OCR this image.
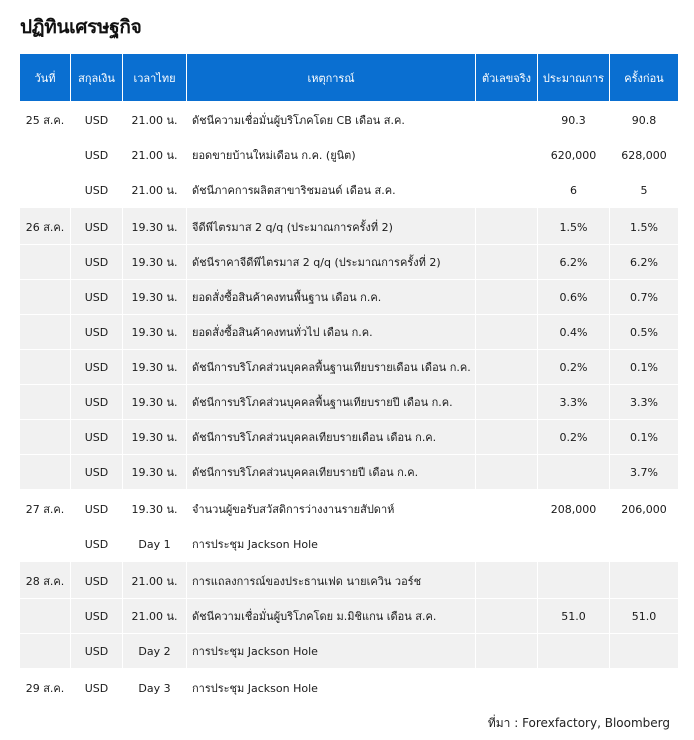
ปฏิทินเศรษฐกิจ
วันที่	สกุลเงิน	เวลาไทย	เหตุการณ์	ตัวเลขจริง	ประมาณการ	ครั้งก่อน
25 ส.ค.	USD	21.00 น.	ดัชนีความเชื่อมั่นผู้บริโภคโดย CB เดือน ส.ค.		90.3	90.8
	USD	21.00 น.	ยอดขายบ้านใหม่เดือน ก.ค. (ยูนิต)		620,000	628,000
	USD	21.00 น.	ดัชนีภาคการผลิตสาขาริชมอนด์ เดือน ส.ค.		6	5
26 ส.ค.	USD	19.30 น.	จีดีพีไตรมาส 2 q/q (ประมาณการครั้งที่ 2)		1.5%	1.5%
	USD	19.30 น.	ดัชนีราคาจีดีพีไตรมาส 2 q/q (ประมาณการครั้งที่ 2)		6.2%	6.2%
	USD	19.30 น.	ยอดสั่งซื้อสินค้าคงทนพื้นฐาน เดือน ก.ค.		0.6%	0.7%
	USD	19.30 น.	ยอดสั่งซื้อสินค้าคงทนทั่วไป เดือน ก.ค.		0.4%	0.5%
	USD	19.30 น.	ดัชนีการบริโภคส่วนบุคคลพื้นฐานเทียบรายเดือน เดือน ก.ค.		0.2%	0.1%
	USD	19.30 น.	ดัชนีการบริโภคส่วนบุคคลพื้นฐานเทียบรายปี เดือน ก.ค.		3.3%	3.3%
	USD	19.30 น.	ดัชนีการบริโภคส่วนบุคคลเทียบรายเดือน เดือน ก.ค.		0.2%	0.1%
	USD	19.30 น.	ดัชนีการบริโภคส่วนบุคคลเทียบรายปี เดือน ก.ค.			3.7%
27 ส.ค.	USD	19.30 น.	จำนวนผู้ขอรับสวัสดิการว่างงานรายสัปดาห์		208,000	206,000
	USD	Day 1	การประชุม Jackson Hole			
28 ส.ค.	USD	21.00 น.	การแถลงการณ์ของประธานเฟด นายเควิน วอร์ช			
	USD	21.00 น.	ดัชนีความเชื่อมั่นผู้บริโภคโดย ม.มิชิแกน เดือน ส.ค.		51.0	51.0
	USD	Day 2	การประชุม Jackson Hole			
29 ส.ค.	USD	Day 3	การประชุม Jackson Hole			
ที่มา : Forexfactory, Bloomberg
